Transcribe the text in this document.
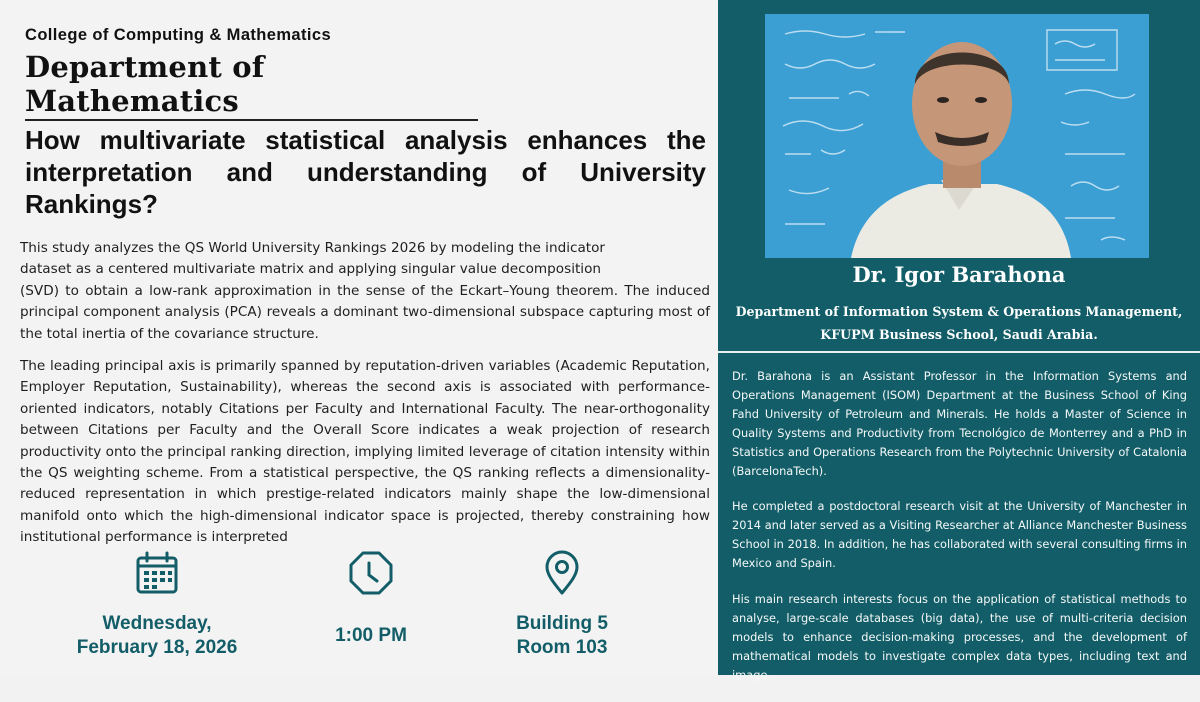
College of Computing & Mathematics
Department of Mathematics
How multivariate statistical analysis enhances the interpretation and understanding of University Rankings?

This study analyzes the QS World University Rankings 2026 by modeling the indicator
dataset as a centered multivariate matrix and applying singular value decomposition
(SVD) to obtain a low-rank approximation in the sense of the Eckart–Young theorem. The induced principal component analysis (PCA) reveals a dominant two-dimensional subspace capturing most of the total inertia of the covariance structure.

The leading principal axis is primarily spanned by reputation-driven variables (Academic Reputation, Employer Reputation, Sustainability), whereas the second axis is associated with performance-oriented indicators, notably Citations per Faculty and International Faculty. The near-orthogonality between Citations per Faculty and the Overall Score indicates a weak projection of research productivity onto the principal ranking direction, implying limited leverage of citation intensity within the QS weighting scheme. From a statistical perspective, the QS ranking reflects a dimensionality-reduced representation in which prestige-related indicators mainly shape the low-dimensional manifold onto which the high-dimensional indicator space is projected, thereby constraining how institutional performance is interpreted

Wednesday,
February 18, 2026
1:00 PM
Building 5
Room 103
Dr. Igor Barahona
Department of Information System & Operations Management,
KFUPM Business School, Saudi Arabia.

Dr. Barahona is an Assistant Professor in the Information Systems and Operations Management (ISOM) Department at the Business School of King Fahd University of Petroleum and Minerals. He holds a Master of Science in Quality Systems and Productivity from Tecnológico de Monterrey and a PhD in Statistics and Operations Research from the Polytechnic University of Catalonia (BarcelonaTech).

He completed a postdoctoral research visit at the University of Manchester in 2014 and later served as a Visiting Researcher at Alliance Manchester Business School in 2018. In addition, he has collaborated with several consulting firms in Mexico and Spain.

His main research interests focus on the application of statistical methods to analyse, large-scale databases (big data), the use of multi-criteria decision models to enhance decision-making processes, and the development of mathematical models to investigate complex data types, including text and image.
